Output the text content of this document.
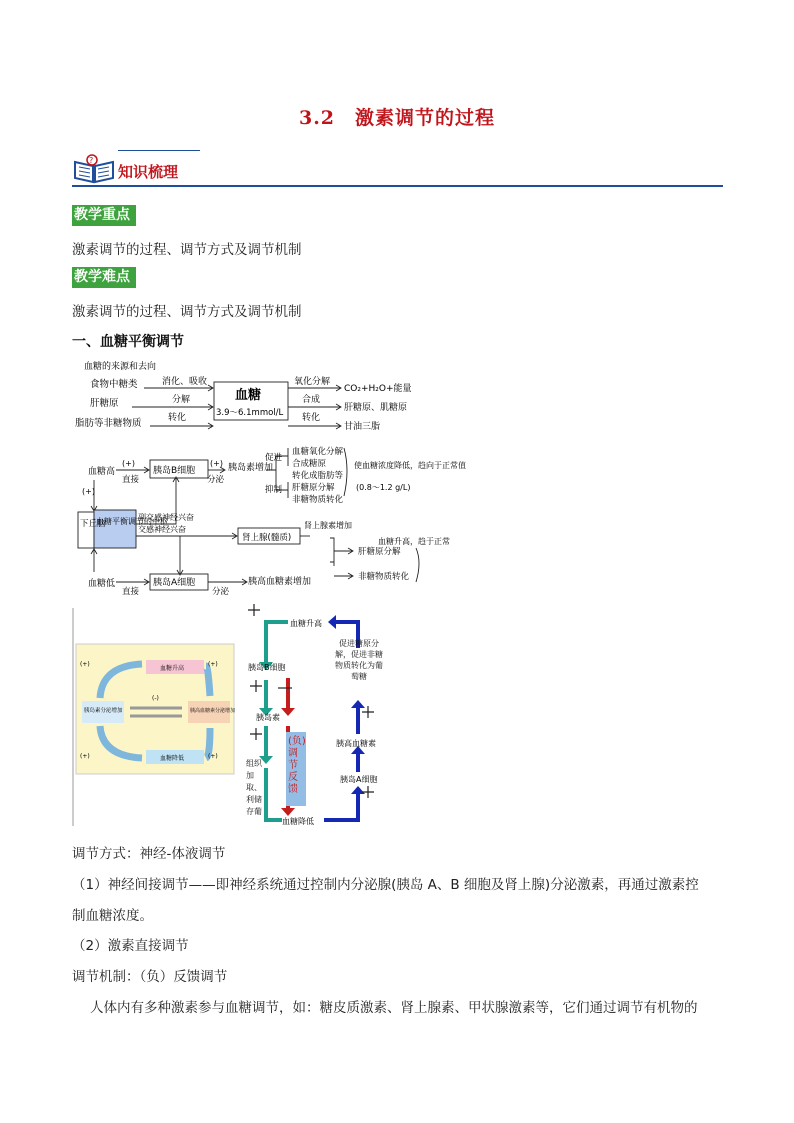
3.2　激素调节的过程
?
知识梳理
教学重点
激素调节的过程、调节方式及调节机制
教学难点
激素调节的过程、调节方式及调节机制
一、血糖平衡调节
血糖的来源和去向
食物中糖类
肝糖原
脂肪等非糖物质
消化、吸收
分解
转化
血糖
3.9～6.1mmol/L
氧化分解
合成
转化
CO₂+H₂O+能量
肝糖原、肌糖原
甘油三脂
血糖高
(+)
直接
胰岛B细胞
(+)
分泌
胰岛素增加
促进
抑制
血糖氧化分解
合成糖原
转化成脂肪等
肝糖原分解
非糖物质转化
使血糖浓度降低，趋向于正常值
(0.8～1.2 g/L)
(+)
下丘脑
血糖平衡调节的中枢
副交感神经兴奋
交感神经兴奋
肾上腺(髓质)
肾上腺素增加
肝糖原分解
非糖物质转化
血糖升高，趋于正常
血糖低
直接
胰岛A细胞
分泌
胰高血糖素增加
(+)	(+)
(-)
(+)	(+)
血糖升高
血糖降低
胰岛素分泌增加	胰高血糖素分泌增加
血糖升高
胰岛B细胞
胰岛素
胰高血糖素
胰岛A细胞
促进糖原分解，促进非糖物质转化为葡萄糖
组织加取、利储存葡
(负)调节反馈
血糖降低
调节方式：神经-体液调节
（1）神经间接调节——即神经系统通过控制内分泌腺(胰岛 A、B 细胞及肾上腺)分泌激素，再通过激素控
制血糖浓度。
（2）激素直接调节
调节机制：（负）反馈调节
人体内有多种激素参与血糖调节，如：糖皮质激素、肾上腺素、甲状腺激素等，它们通过调节有机物的
